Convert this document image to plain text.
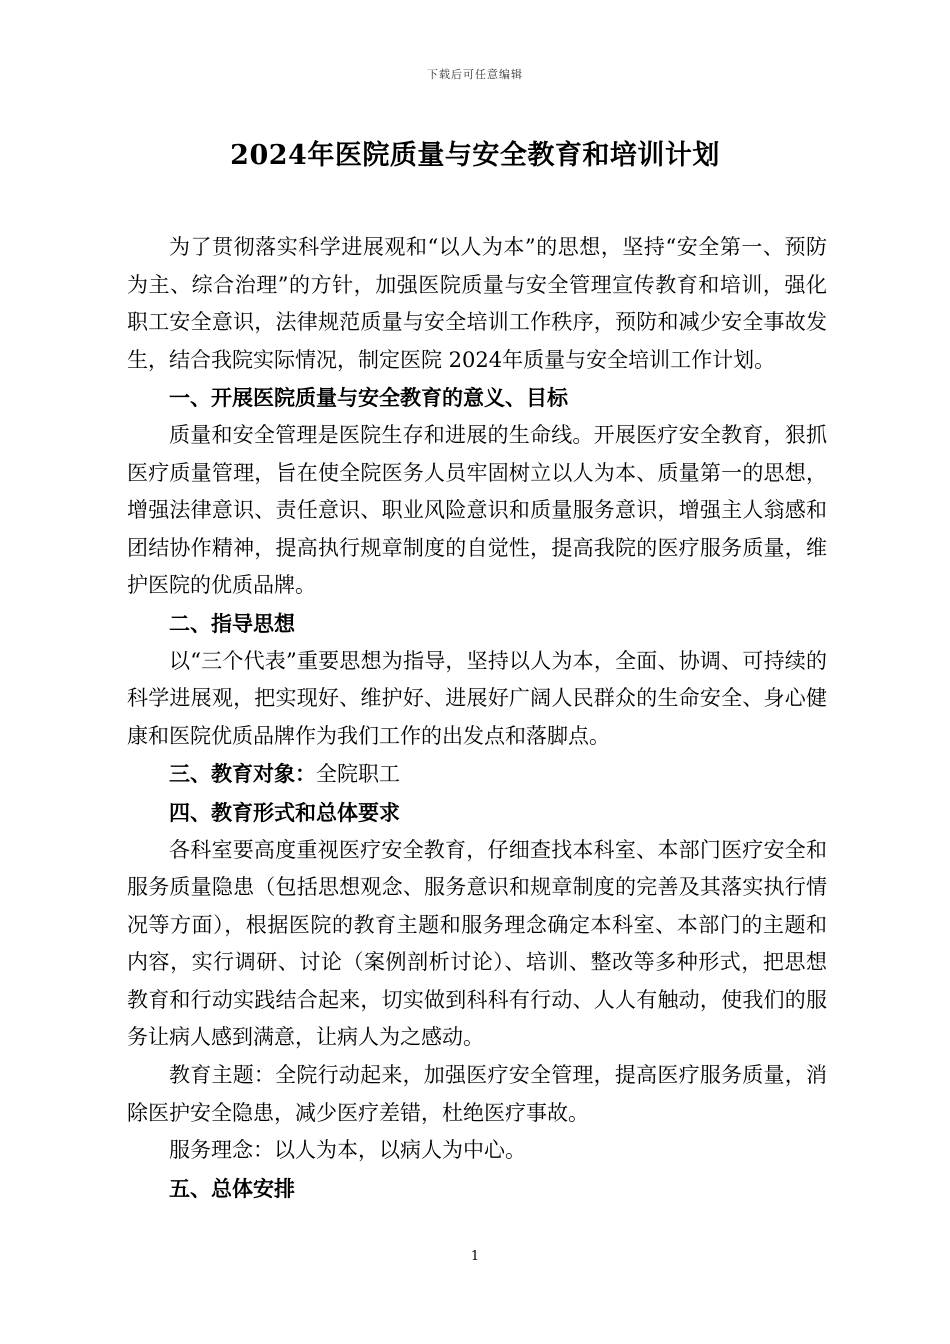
下载后可任意编辑
2024年医院质量与安全教育和培训计划

为了贯彻落实科学进展观和“以人为本”的思想，坚持“安全第一、预防为主、综合治理”的方针，加强医院质量与安全管理宣传教育和培训，强化职工安全意识，法律规范质量与安全培训工作秩序，预防和减少安全事故发生，结合我院实际情况，制定医院 2024年质量与安全培训工作计划。

一、开展医院质量与安全教育的意义、目标

质量和安全管理是医院生存和进展的生命线。开展医疗安全教育，狠抓医疗质量管理，旨在使全院医务人员牢固树立以人为本、质量第一的思想，增强法律意识、责任意识、职业风险意识和质量服务意识，增强主人翁感和团结协作精神，提高执行规章制度的自觉性，提高我院的医疗服务质量，维护医院的优质品牌。

二、指导思想

以“三个代表”重要思想为指导，坚持以人为本，全面、协调、可持续的科学进展观，把实现好、维护好、进展好广阔人民群众的生命安全、身心健康和医院优质品牌作为我们工作的出发点和落脚点。

三、教育对象：全院职工

四、教育形式和总体要求

各科室要高度重视医疗安全教育，仔细查找本科室、本部门医疗安全和服务质量隐患（包括思想观念、服务意识和规章制度的完善及其落实执行情况等方面），根据医院的教育主题和服务理念确定本科室、本部门的主题和内容，实行调研、讨论（案例剖析讨论）、培训、整改等多种形式，把思想教育和行动实践结合起来，切实做到科科有行动、人人有触动，使我们的服务让病人感到满意，让病人为之感动。

教育主题：全院行动起来，加强医疗安全管理，提高医疗服务质量，消除医护安全隐患，减少医疗差错，杜绝医疗事故。

服务理念：以人为本，以病人为中心。

五、总体安排

1
